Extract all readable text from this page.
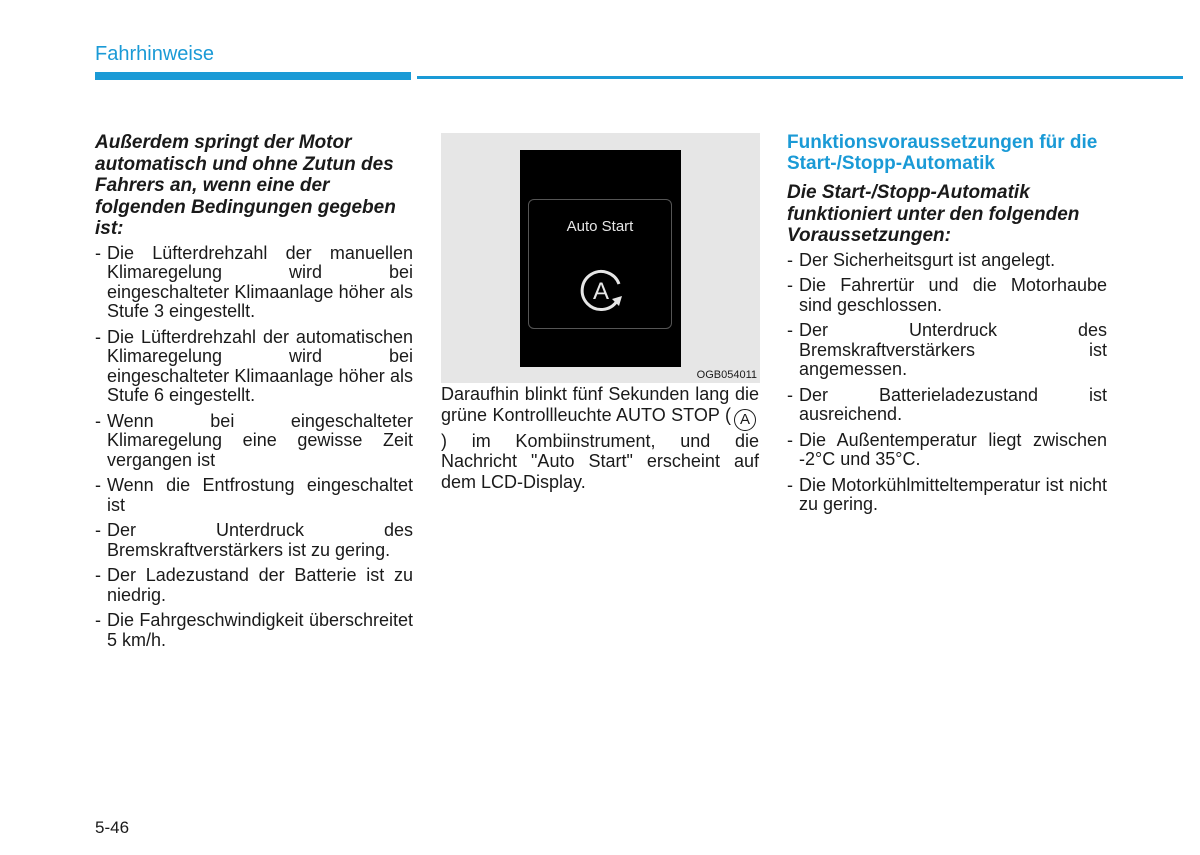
Fahrhinweise

Außerdem springt der Motor automatisch und ohne Zutun des Fahrers an, wenn eine der folgenden Bedingungen gegeben ist:

- Die Lüfterdrehzahl der manuellen Klimaregelung wird bei eingeschalteter Klimaanlage höher als Stufe 3 eingestellt.
- Die Lüfterdrehzahl der automatischen Klimaregelung wird bei eingeschalteter Klimaanlage höher als Stufe 6 eingestellt.
- Wenn bei eingeschalteter Klimaregelung eine gewisse Zeit vergangen ist
- Wenn die Entfrostung eingeschaltet ist
- Der Unterdruck des Bremskraftverstärkers ist zu gering.
- Der Ladezustand der Batterie ist zu niedrig.
- Die Fahrgeschwindigkeit überschreitet 5 km/h.
Auto Start
A
OGB054011
Daraufhin blinkt fünf Sekunden lang die grüne Kontrollleuchte AUTO STOP ( A) im Kombiinstrument, und die Nachricht "Auto Start" erscheint auf dem LCD-Display.
Funktionsvoraussetzungen für die Start-/Stopp-Automatik

Die Start-/Stopp-Automatik funktioniert unter den folgenden Voraussetzungen:

- Der Sicherheitsgurt ist angelegt.
- Die Fahrertür und die Motorhaube sind geschlossen.
- Der Unterdruck des Bremskraftverstärkers ist angemessen.
- Der Batterieladezustand ist ausreichend.
- Die Außentemperatur liegt zwischen -2°C und 35°C.
- Die Motorkühlmitteltemperatur ist nicht zu gering.
5-46
